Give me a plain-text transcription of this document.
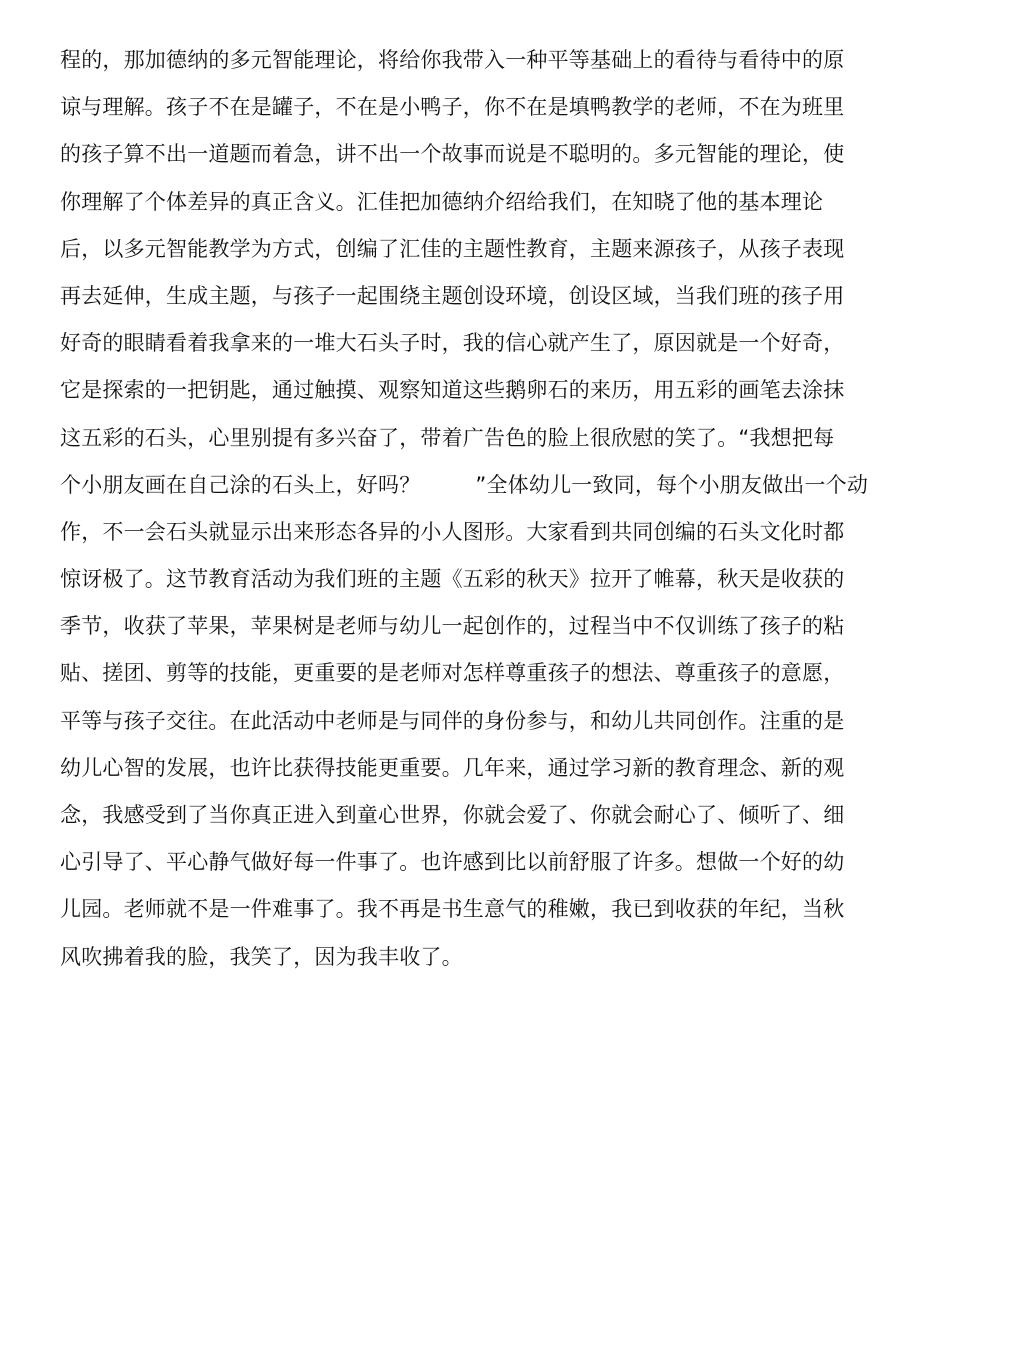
程的，那加德纳的多元智能理论，将给你我带入一种平等基础上的看待与看待中的原
谅与理解。孩子不在是罐子，不在是小鸭子，你不在是填鸭教学的老师，不在为班里
的孩子算不出一道题而着急，讲不出一个故事而说是不聪明的。多元智能的理论，使
你理解了个体差异的真正含义。汇佳把加德纳介绍给我们，在知晓了他的基本理论
后，以多元智能教学为方式，创编了汇佳的主题性教育，主题来源孩子，从孩子表现
再去延伸，生成主题，与孩子一起围绕主题创设环境，创设区域，当我们班的孩子用
好奇的眼睛看着我拿来的一堆大石头子时，我的信心就产生了，原因就是一个好奇，
它是探索的一把钥匙，通过触摸、观察知道这些鹅卵石的来历，用五彩的画笔去涂抹
这五彩的石头，心里别提有多兴奋了，带着广告色的脸上很欣慰的笑了。“我想把每
个小朋友画在自己涂的石头上，好吗？        ”全体幼儿一致同，每个小朋友做出一个动
作，不一会石头就显示出来形态各异的小人图形。大家看到共同创编的石头文化时都
惊讶极了。这节教育活动为我们班的主题《五彩的秋天》拉开了帷幕，秋天是收获的
季节，收获了苹果，苹果树是老师与幼儿一起创作的，过程当中不仅训练了孩子的粘
贴、搓团、剪等的技能，更重要的是老师对怎样尊重孩子的想法、尊重孩子的意愿，
平等与孩子交往。在此活动中老师是与同伴的身份参与，和幼儿共同创作。注重的是
幼儿心智的发展，也许比获得技能更重要。几年来，通过学习新的教育理念、新的观
念，我感受到了当你真正进入到童心世界，你就会爱了、你就会耐心了、倾听了、细
心引导了、平心静气做好每一件事了。也许感到比以前舒服了许多。想做一个好的幼
儿园。老师就不是一件难事了。我不再是书生意气的稚嫩，我已到收获的年纪，当秋
风吹拂着我的脸，我笑了，因为我丰收了。
